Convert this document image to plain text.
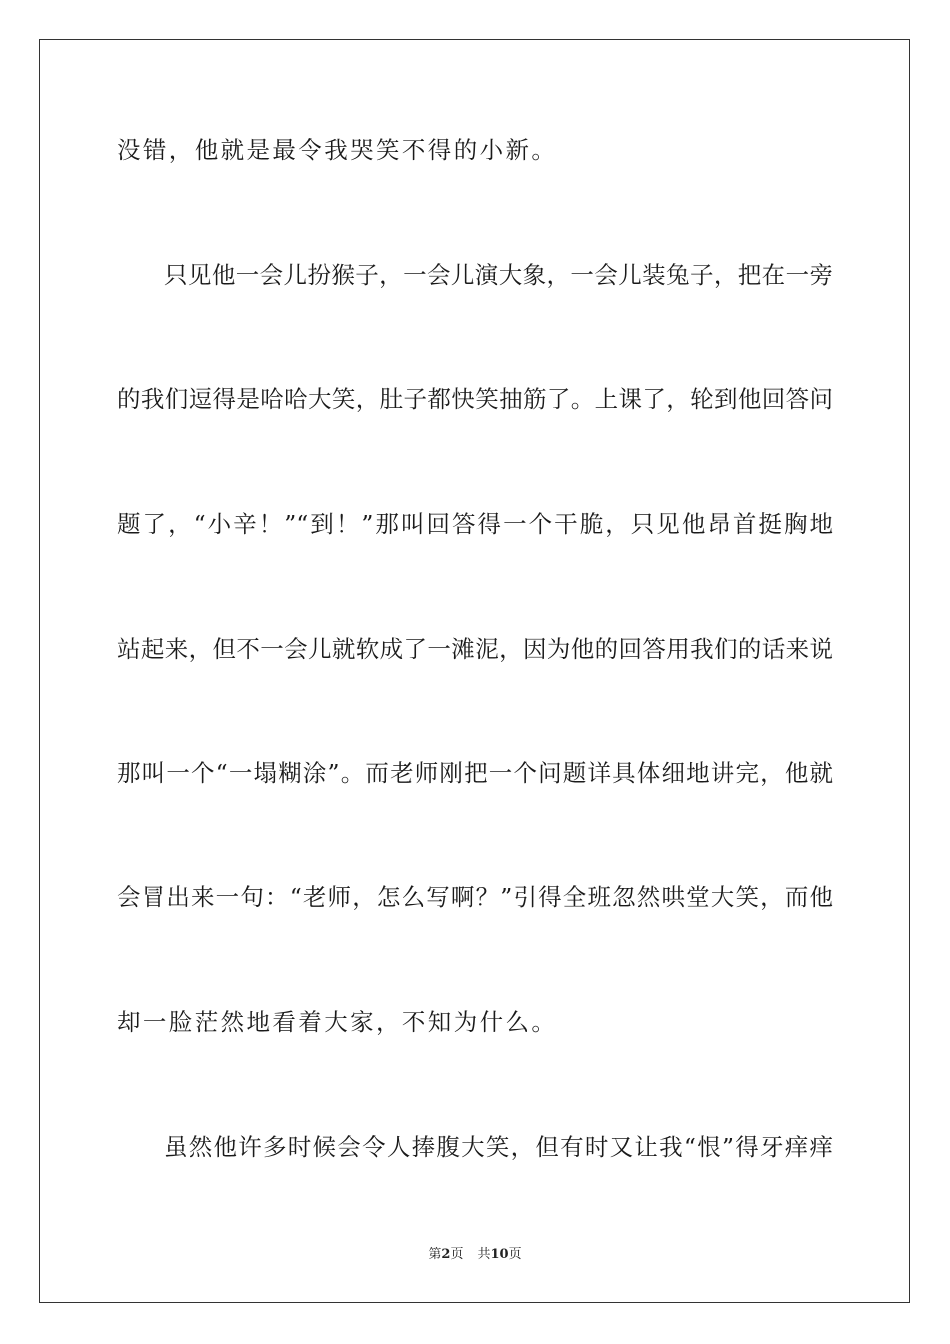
没错，他就是最令我哭笑不得的小新。
只见他一会儿扮猴子，一会儿演大象，一会儿装兔子，把在一旁
的我们逗得是哈哈大笑，肚子都快笑抽筋了。上课了，轮到他回答问
题了，“小辛！”“到！”那叫回答得一个干脆，只见他昂首挺胸地
站起来，但不一会儿就软成了一滩泥，因为他的回答用我们的话来说
那叫一个“一塌糊涂”。而老师刚把一个问题详具体细地讲完，他就
会冒出来一句：“老师，怎么写啊？”引得全班忽然哄堂大笑，而他
却一脸茫然地看着大家，不知为什么。
虽然他许多时候会令人捧腹大笑，但有时又让我“恨”得牙痒痒
第2页 共10页
